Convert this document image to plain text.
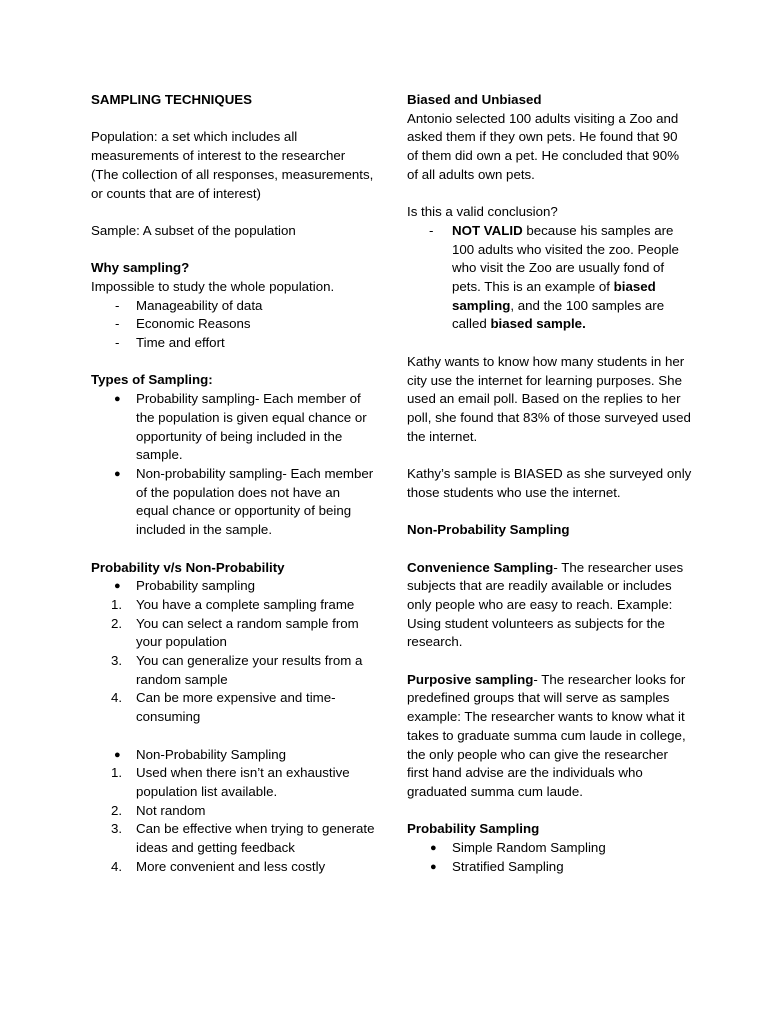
SAMPLING TECHNIQUES

Population: a set which includes all measurements of interest to the researcher (The collection of all responses, measurements, or counts that are of interest)

Sample: A subset of the population

Why sampling?

Impossible to study the whole population.

- Manageability of data
- Economic Reasons
- Time and effort

Types of Sampling:

● Probability sampling- Each member of the population is given equal chance or opportunity of being included in the sample.
● Non-probability sampling- Each member of the population does not have an equal chance or opportunity of being included in the sample.

Probability v/s Non-Probability

● Probability sampling
1. You have a complete sampling frame
2. You can select a random sample from your population
3. You can generalize your results from a random sample
4. Can be more expensive and time-consuming
● Non-Probability Sampling
1. Used when there isn’t an exhaustive population list available.
2. Not random
3. Can be effective when trying to generate ideas and getting feedback
4. More convenient and less costly

Biased and Unbiased

Antonio selected 100 adults visiting a Zoo and asked them if they own pets. He found that 90 of them did own a pet. He concluded that 90% of all adults own pets.

Is this a valid conclusion?

- NOT VALID because his samples are 100 adults who visited the zoo. People who visit the Zoo are usually fond of pets. This is an example of biased sampling, and the 100 samples are called biased sample.

Kathy wants to know how many students in her city use the internet for learning purposes. She used an email poll. Based on the replies to her poll, she found that 83% of those surveyed used the internet.

Kathy’s sample is BIASED as she surveyed only those students who use the internet.

Non-Probability Sampling

Convenience Sampling- The researcher uses subjects that are readily available or includes only people who are easy to reach. Example: Using student volunteers as subjects for the research.

Purposive sampling- The researcher looks for predefined groups that will serve as samples

example: The researcher wants to know what it takes to graduate summa cum laude in college, the only people who can give the researcher first hand advise are the individuals who graduated summa cum laude.

Probability Sampling

● Simple Random Sampling
● Stratified Sampling
